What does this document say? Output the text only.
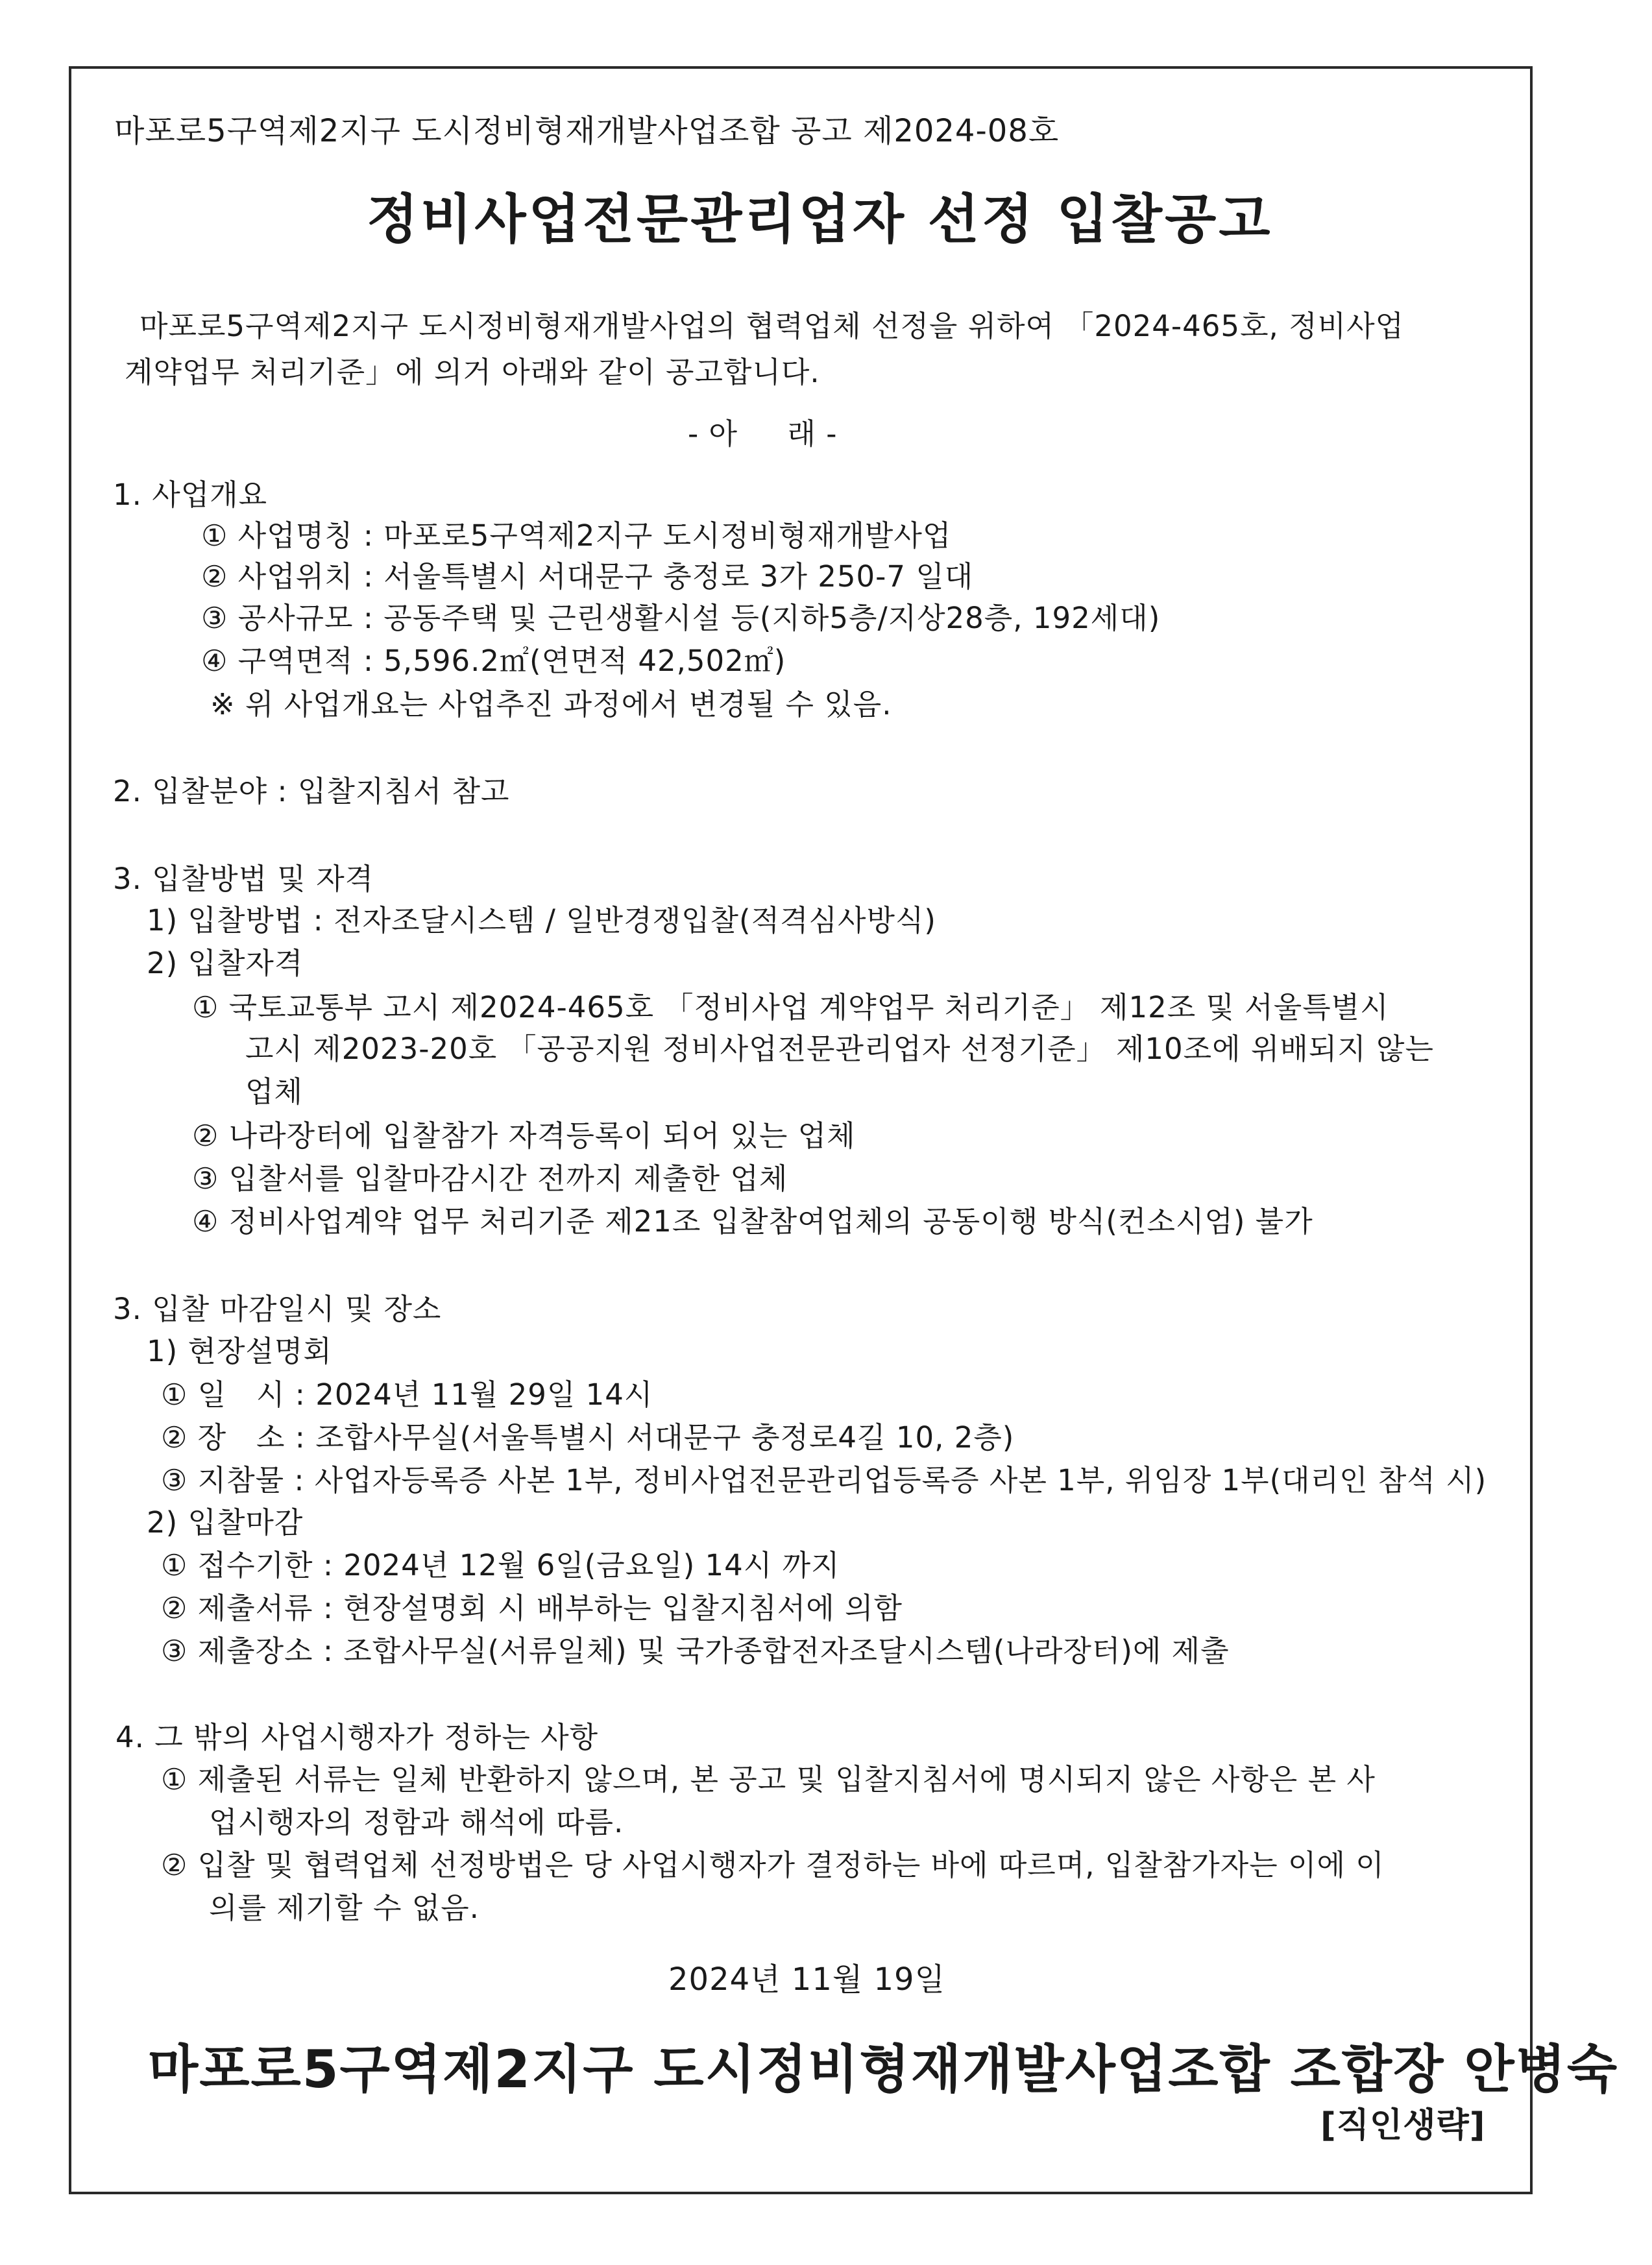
마포로5구역제2지구 도시정비형재개발사업조합 공고 제2024-08호
정비사업전문관리업자 선정 입찰공고
마포로5구역제2지구 도시정비형재개발사업의 협력업체 선정을 위하여 「2024-465호, 정비사업
계약업무 처리기준」에 의거 아래와 같이 공고합니다.
- 아     래 -
1. 사업개요
① 사업명칭 : 마포로5구역제2지구 도시정비형재개발사업
② 사업위치 : 서울특별시 서대문구 충정로 3가 250-7 일대
③ 공사규모 : 공동주택 및 근린생활시설 등(지하5층/지상28층, 192세대)
④ 구역면적 : 5,596.2㎡(연면적 42,502㎡)
※ 위 사업개요는 사업추진 과정에서 변경될 수 있음.
2. 입찰분야 : 입찰지침서 참고
3. 입찰방법 및 자격
1) 입찰방법 : 전자조달시스템 / 일반경쟁입찰(적격심사방식)
2) 입찰자격
① 국토교통부 고시 제2024-465호 「정비사업 계약업무 처리기준」 제12조 및 서울특별시
고시 제2023-20호 「공공지원 정비사업전문관리업자 선정기준」 제10조에 위배되지 않는
업체
② 나라장터에 입찰참가 자격등록이 되어 있는 업체
③ 입찰서를 입찰마감시간 전까지 제출한 업체
④ 정비사업계약 업무 처리기준 제21조 입찰참여업체의 공동이행 방식(컨소시엄) 불가
3. 입찰 마감일시 및 장소
1) 현장설명회
① 일   시 : 2024년 11월 29일 14시
② 장   소 : 조합사무실(서울특별시 서대문구 충정로4길 10, 2층)
③ 지참물 : 사업자등록증 사본 1부, 정비사업전문관리업등록증 사본 1부, 위임장 1부(대리인 참석 시)
2) 입찰마감
① 접수기한 : 2024년 12월 6일(금요일) 14시 까지
② 제출서류 : 현장설명회 시 배부하는 입찰지침서에 의함
③ 제출장소 : 조합사무실(서류일체) 및 국가종합전자조달시스템(나라장터)에 제출
4. 그 밖의 사업시행자가 정하는 사항
① 제출된 서류는 일체 반환하지 않으며, 본 공고 및 입찰지침서에 명시되지 않은 사항은 본 사
업시행자의 정함과 해석에 따름.
② 입찰 및 협력업체 선정방법은 당 사업시행자가 결정하는 바에 따르며, 입찰참가자는 이에 이
의를 제기할 수 없음.
2024년 11월 19일
마포로5구역제2지구 도시정비형재개발사업조합 조합장 안병숙
[직인생략]
